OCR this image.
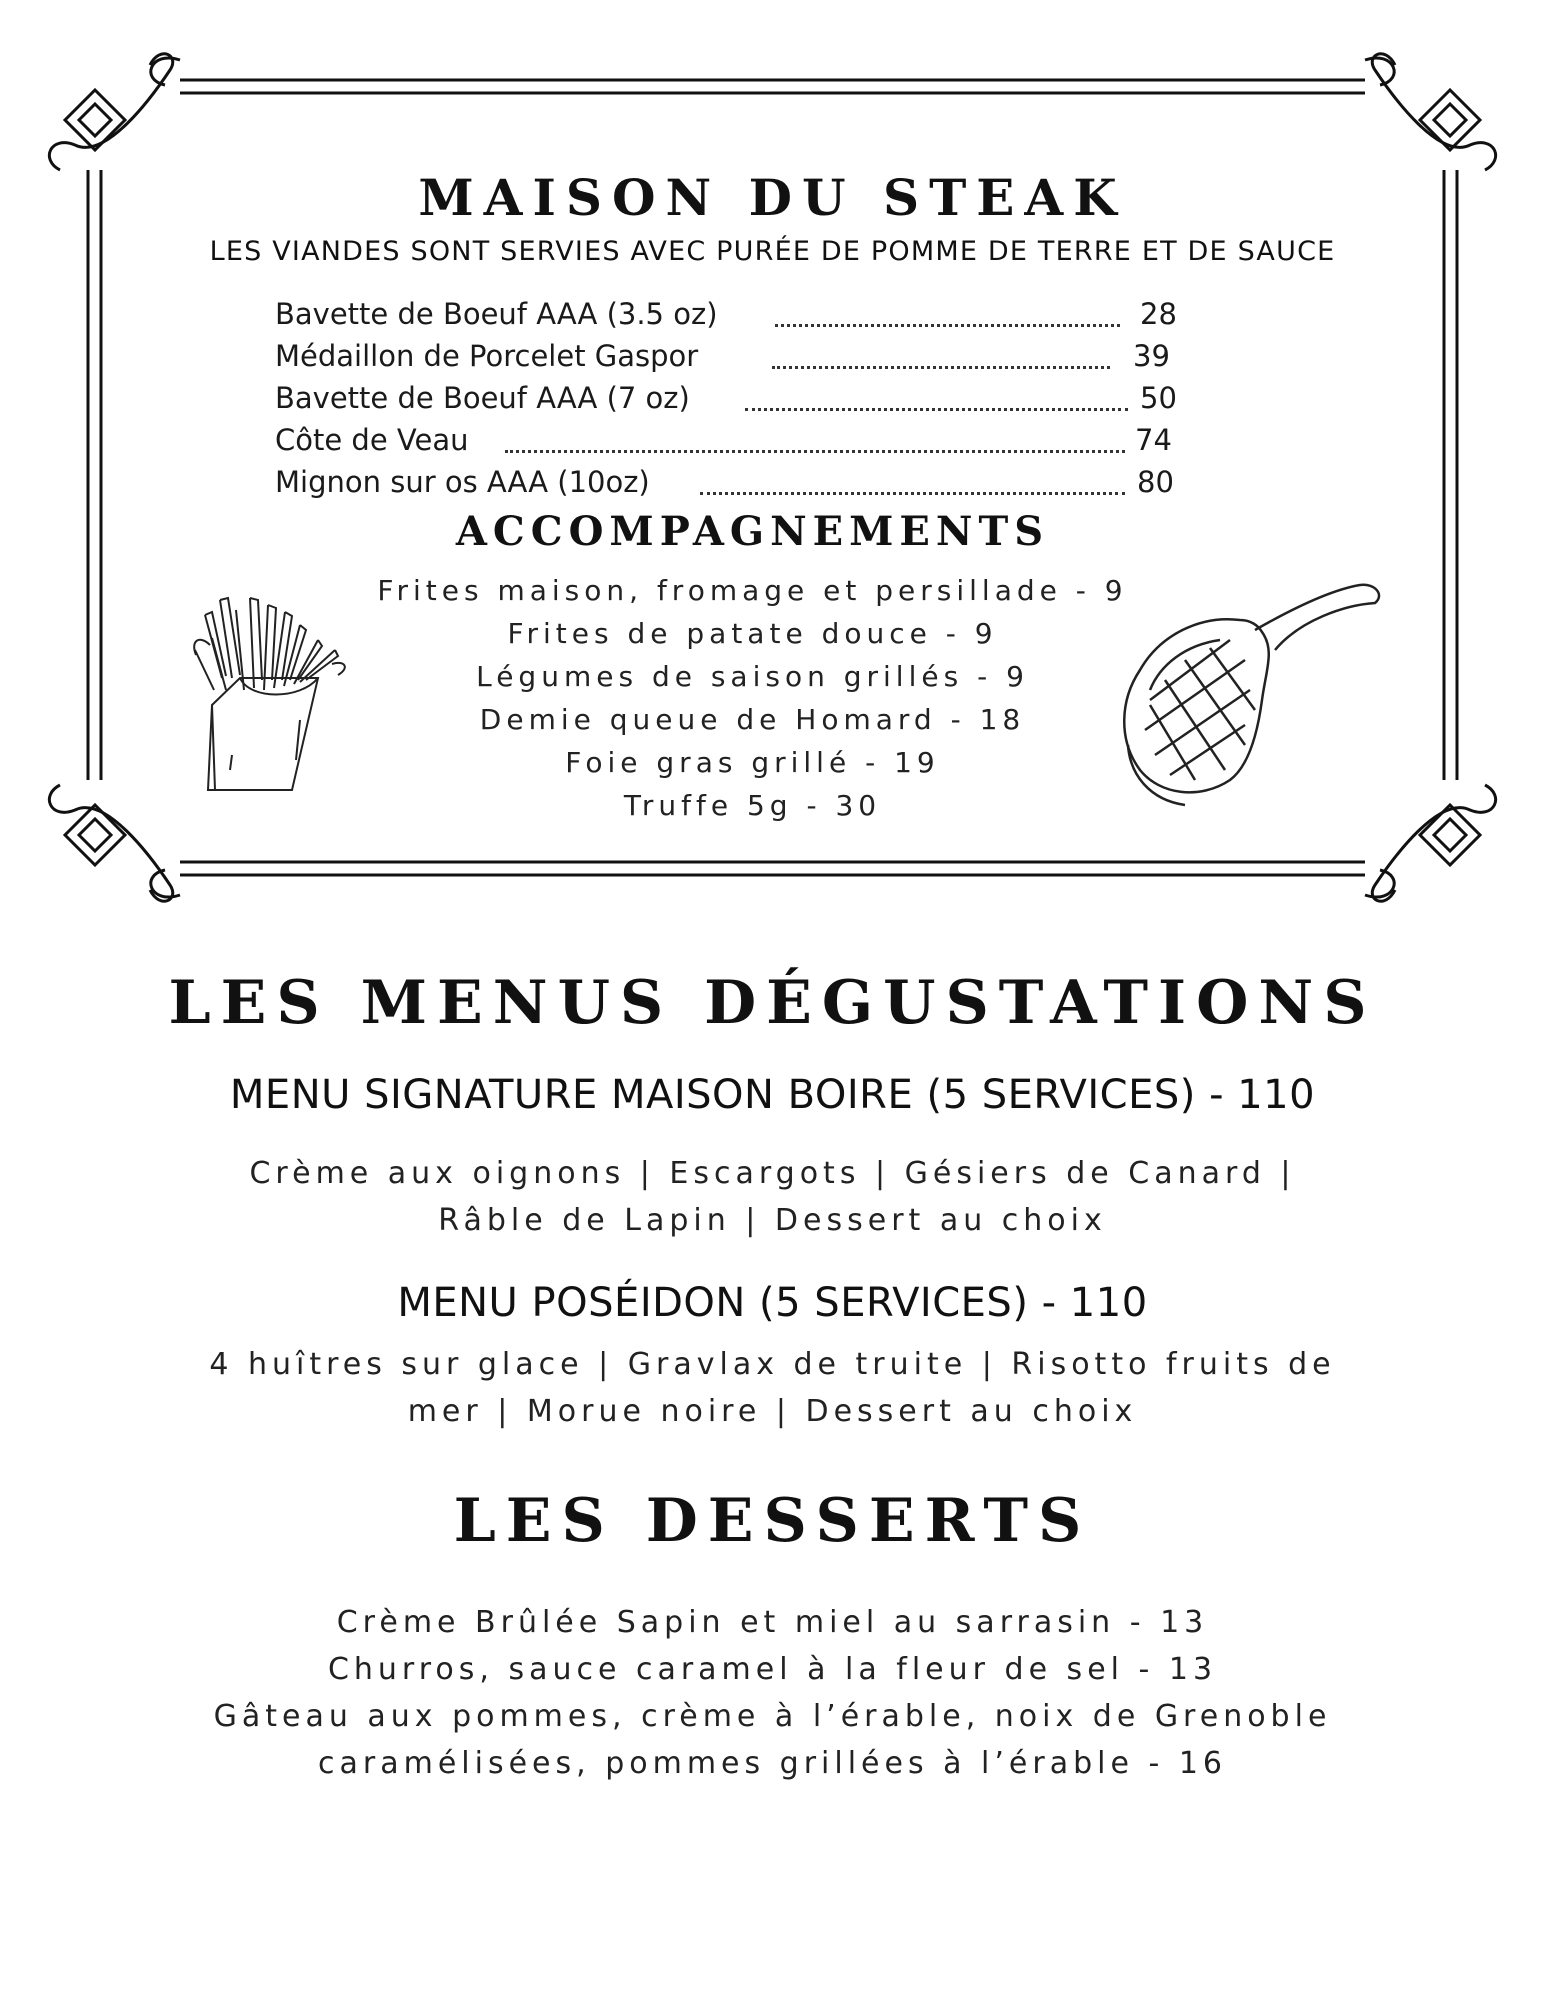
MAISON DU STEAK
LES VIANDES SONT SERVIES AVEC PURÉE DE POMME DE TERRE ET DE SAUCE
Bavette de Boeuf AAA (3.5 oz)	28
Médaillon de Porcelet Gaspor	39
Bavette de Boeuf AAA (7 oz)	50
Côte de Veau	74
Mignon sur os AAA (10oz)	80
ACCOMPAGNEMENTS
Frites maison, fromage et persillade - 9
Frites de patate douce - 9
Légumes de saison grillés - 9
Demie queue de Homard - 18
Foie gras grillé - 19
Truffe 5g - 30
LES MENUS DÉGUSTATIONS
MENU SIGNATURE MAISON BOIRE (5 SERVICES) - 110
Crème aux oignons | Escargots | Gésiers de Canard |
Râble de Lapin | Dessert au choix
MENU POSÉIDON (5 SERVICES) - 110
4 huîtres sur glace | Gravlax de truite | Risotto fruits de
mer | Morue noire | Dessert au choix
LES DESSERTS
Crème Brûlée Sapin et miel au sarrasin - 13
Churros, sauce caramel à la fleur de sel - 13
Gâteau aux pommes, crème à l’érable, noix de Grenoble
caramélisées, pommes grillées à l’érable - 16
